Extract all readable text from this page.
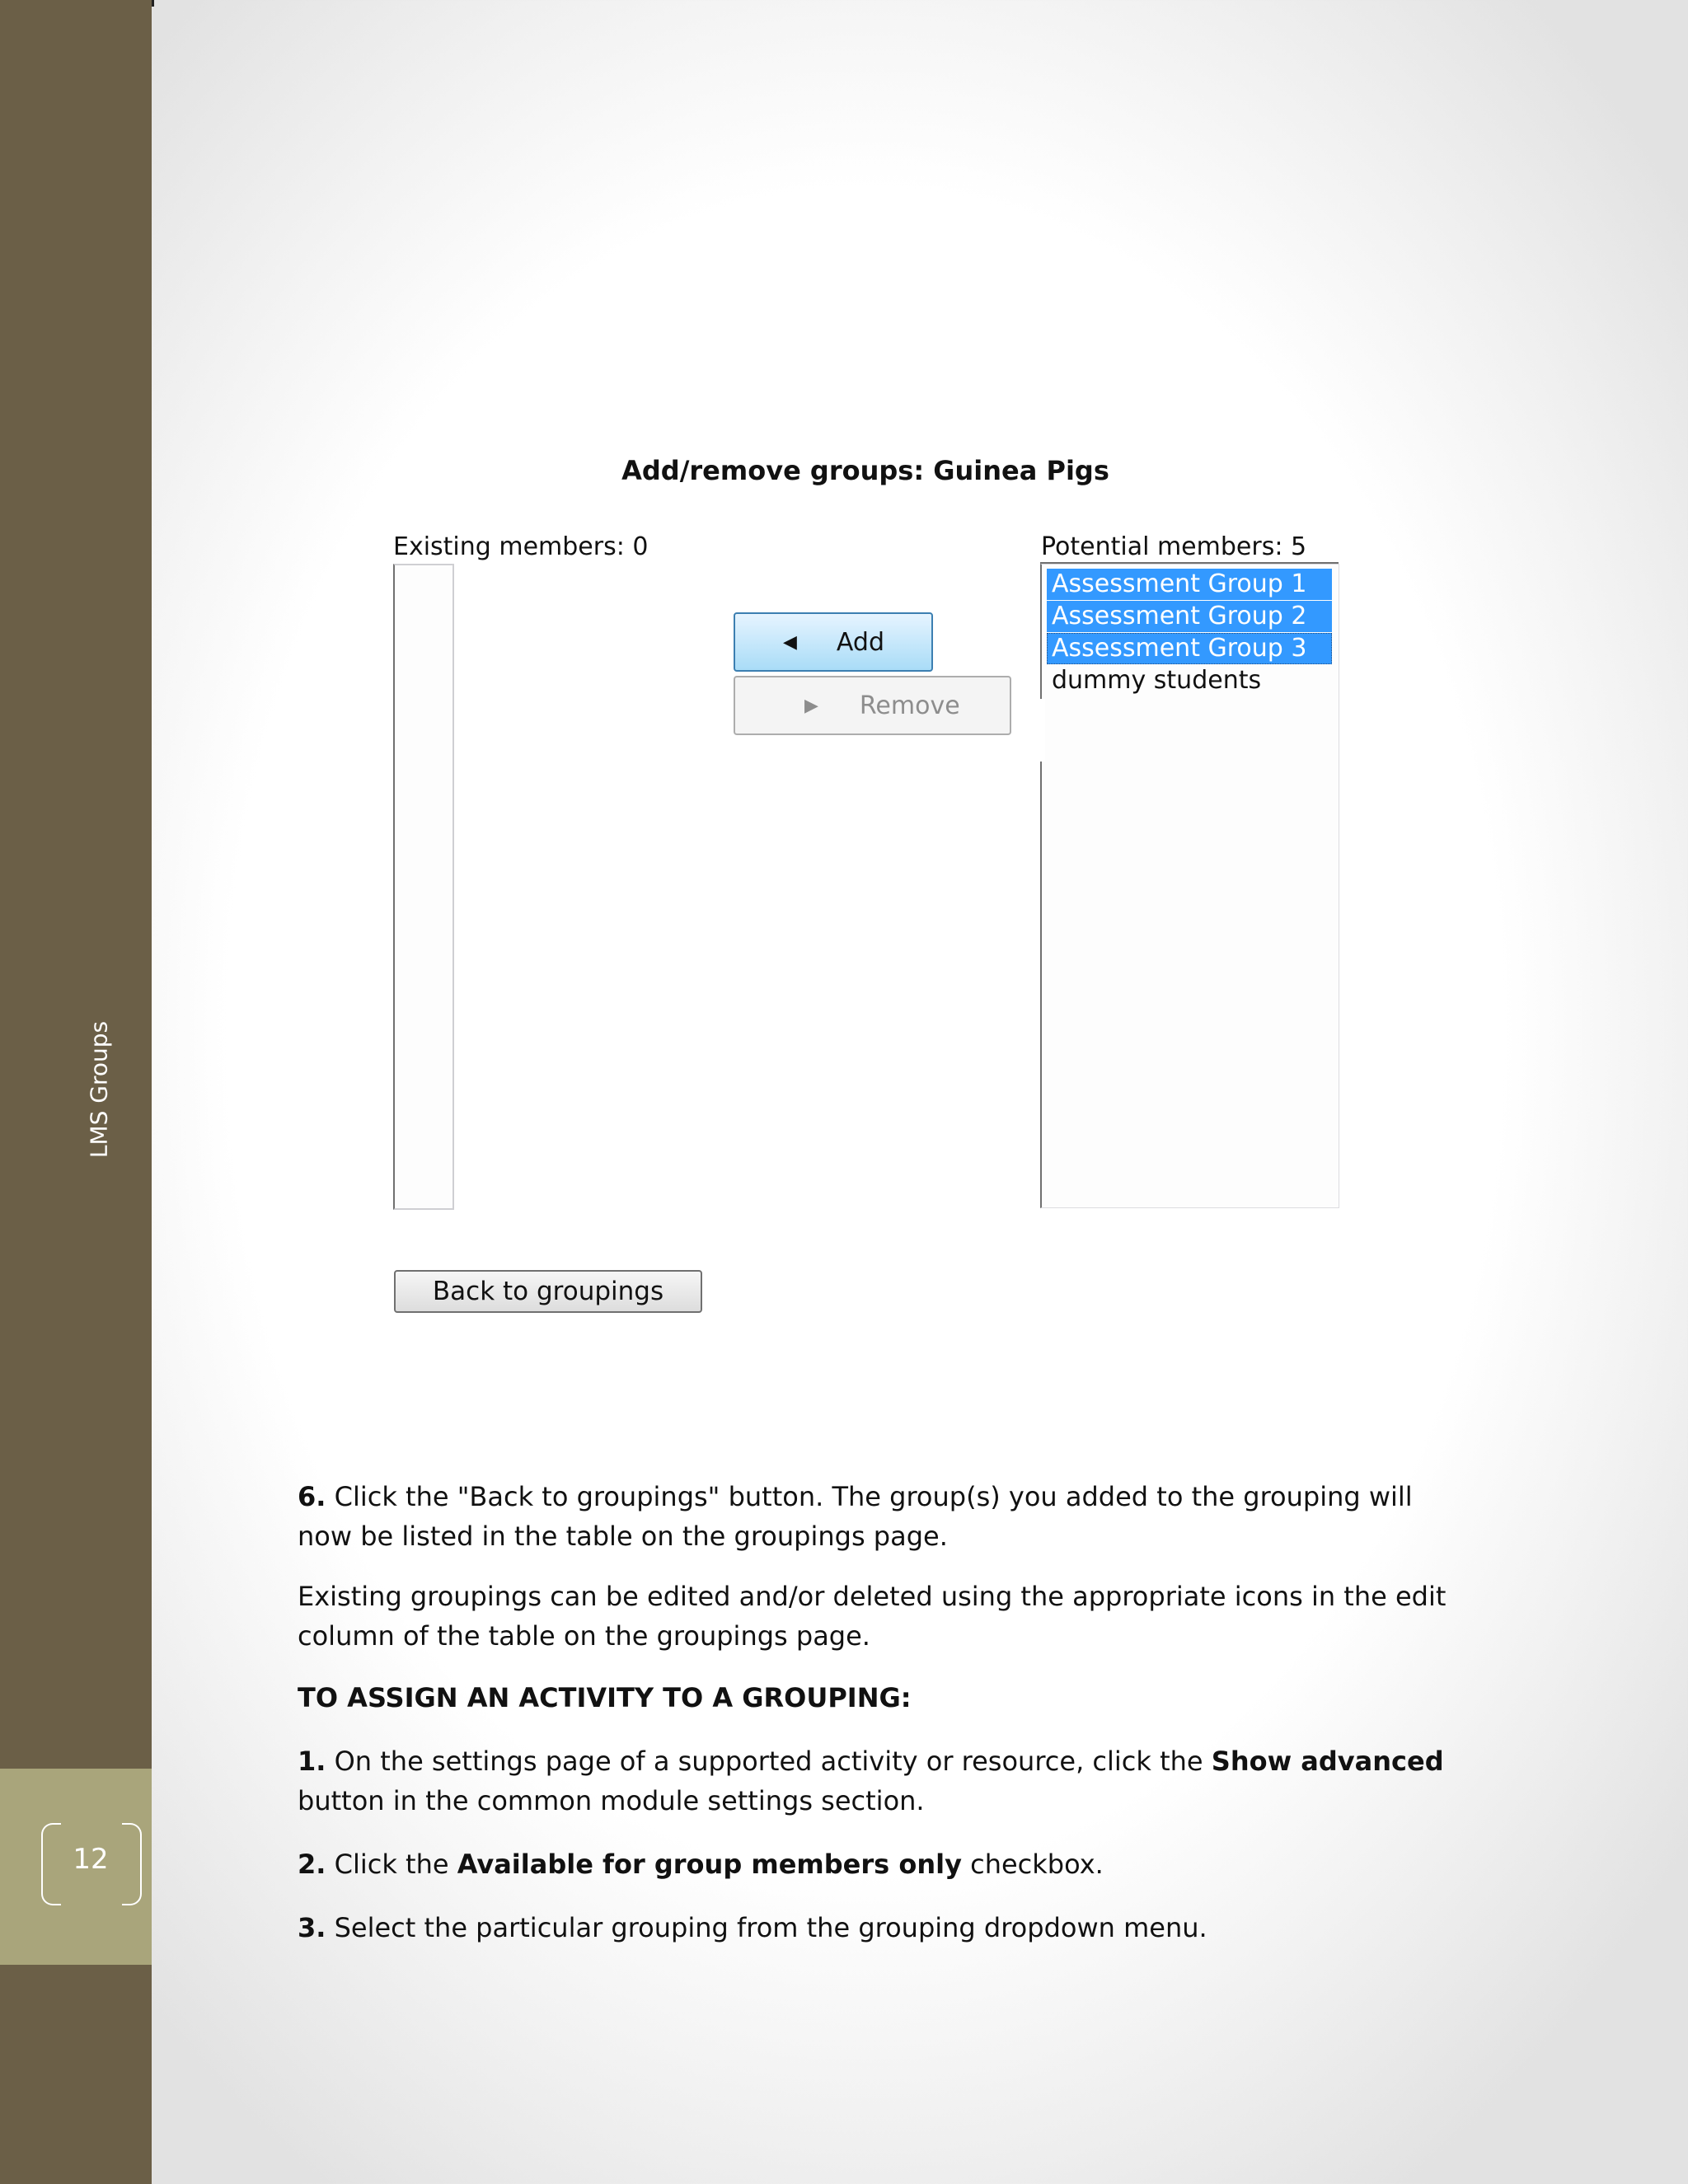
LMS Groups
12
Add/remove groups: Guinea Pigs
Existing members: 0	Potential members: 5
Assessment Group 1
Assessment Group 2
Assessment Group 3
dummy students
◀ Add
▶ Remove
Back to groupings
6. Click the "Back to groupings" button. The group(s) you added to the grouping will now be listed in the table on the groupings page.
Existing groupings can be edited and/or deleted using the appropriate icons in the edit column of the table on the groupings page.
TO ASSIGN AN ACTIVITY TO A GROUPING:
1. On the settings page of a supported activity or resource, click the Show advanced button in the common module settings section.
2. Click the Available for group members only checkbox.
3. Select the particular grouping from the grouping dropdown menu.
